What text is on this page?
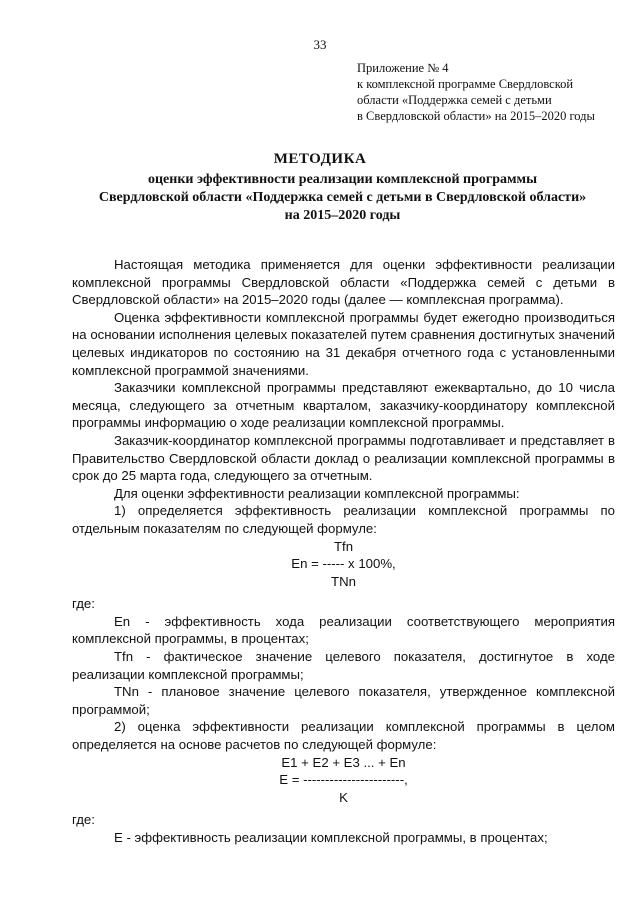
33
Приложение № 4
к комплексной программе Свердловской
области «Поддержка семей с детьми
в Свердловской области» на 2015–2020 годы
МЕТОДИКА
оценки эффективности реализации комплексной программы
Свердловской области «Поддержка семей с детьми в Свердловской области»
на 2015–2020 годы

Настоящая методика применяется для оценки эффективности реализации комплексной программы Свердловской области «Поддержка семей с детьми в Свердловской области» на 2015–2020 годы (далее — комплексная программа).

Оценка эффективности комплексной программы будет ежегодно производиться на основании исполнения целевых показателей путем сравнения достигнутых значений целевых индикаторов по состоянию на 31 декабря отчетного года с установленными комплексной программой значениями.

Заказчики комплексной программы представляют ежеквартально, до 10 числа месяца, следующего за отчетным кварталом, заказчику-координатору комплексной программы информацию о ходе реализации комплексной программы.

Заказчик-координатор комплексной программы подготавливает и представляет в Правительство Свердловской области доклад о реализации комплексной программы в срок до 25 марта года, следующего за отчетным.

Для оценки эффективности реализации комплексной программы:

1) определяется эффективность реализации комплексной программы по отдельным показателям по следующей формуле:

Tfn
En = ----- x 100%,
TNn

где:

En - эффективность хода реализации соответствующего мероприятия комплексной программы, в процентах;

Tfn - фактическое значение целевого показателя, достигнутое в ходе реализации комплексной программы;

TNn - плановое значение целевого показателя, утвержденное комплексной программой;

2) оценка эффективности реализации комплексной программы в целом определяется на основе расчетов по следующей формуле:

E1 + E2 + E3 ... + En
E = -----------------------,
K

где:

E - эффективность реализации комплексной программы, в процентах;
